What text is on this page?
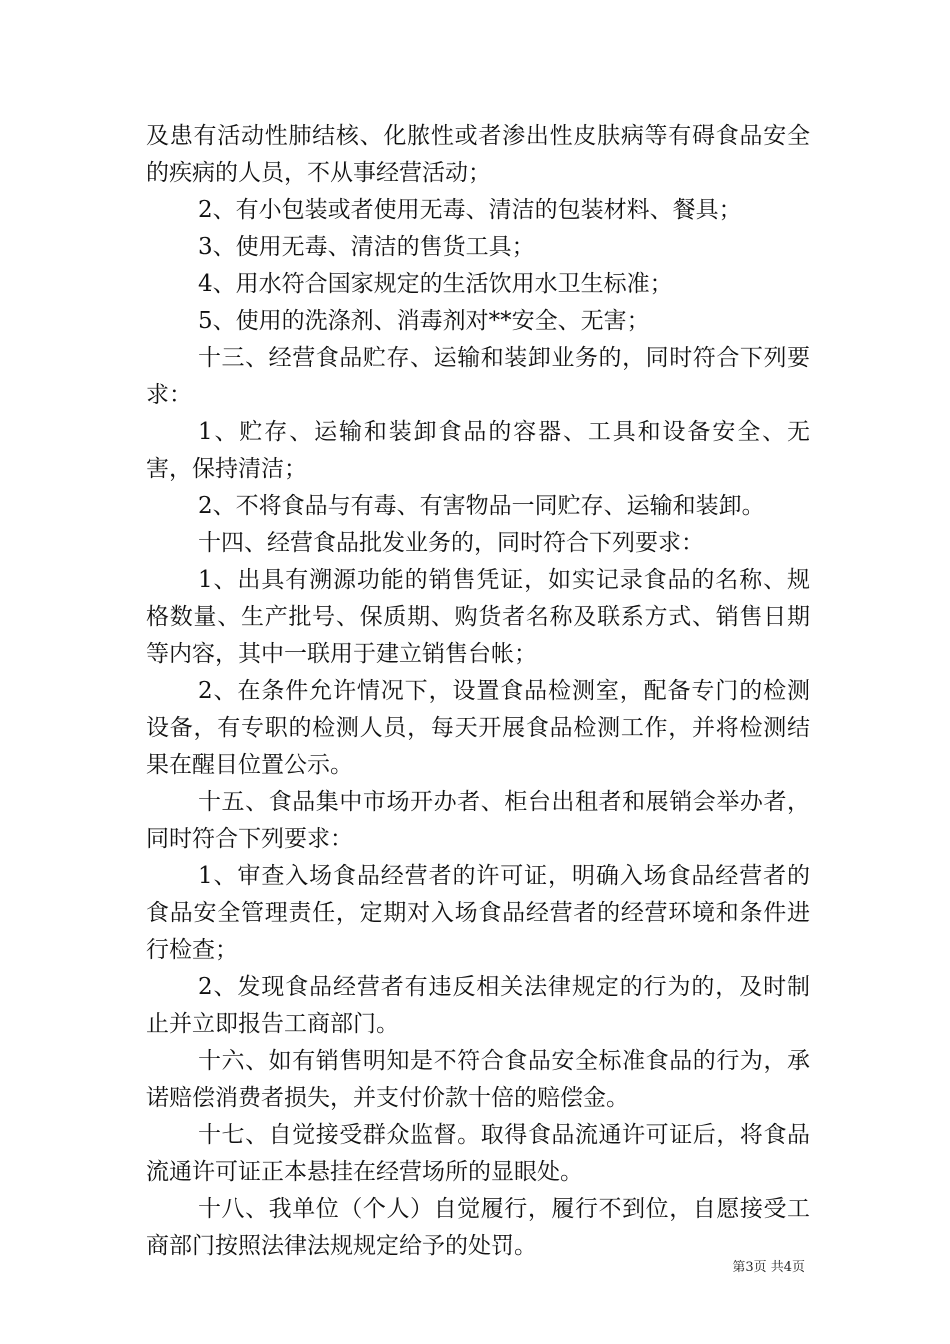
及患有活动性肺结核、化脓性或者渗出性皮肤病等有碍食品安全的疾病的人员，不从事经营活动；

2、有小包装或者使用无毒、清洁的包装材料、餐具；

3、使用无毒、清洁的售货工具；

4、用水符合国家规定的生活饮用水卫生标准；

5、使用的洗涤剂、消毒剂对**安全、无害；

十三、经营食品贮存、运输和装卸业务的，同时符合下列要求：

1、贮存、运输和装卸食品的容器、工具和设备安全、无害，保持清洁；

2、不将食品与有毒、有害物品一同贮存、运输和装卸。

十四、经营食品批发业务的，同时符合下列要求：

1、出具有溯源功能的销售凭证，如实记录食品的名称、规格数量、生产批号、保质期、购货者名称及联系方式、销售日期等内容，其中一联用于建立销售台帐；

2、在条件允许情况下，设置食品检测室，配备专门的检测设备，有专职的检测人员，每天开展食品检测工作，并将检测结果在醒目位置公示。

十五、食品集中市场开办者、柜台出租者和展销会举办者，同时符合下列要求：

1、审查入场食品经营者的许可证，明确入场食品经营者的食品安全管理责任，定期对入场食品经营者的经营环境和条件进行检查；

2、发现食品经营者有违反相关法律规定的行为的，及时制止并立即报告工商部门。

十六、如有销售明知是不符合食品安全标准食品的行为，承诺赔偿消费者损失，并支付价款十倍的赔偿金。

十七、自觉接受群众监督。取得食品流通许可证后，将食品流通许可证正本悬挂在经营场所的显眼处。

十八、我单位（个人）自觉履行，履行不到位，自愿接受工商部门按照法律法规规定给予的处罚。

第3页 共4页
